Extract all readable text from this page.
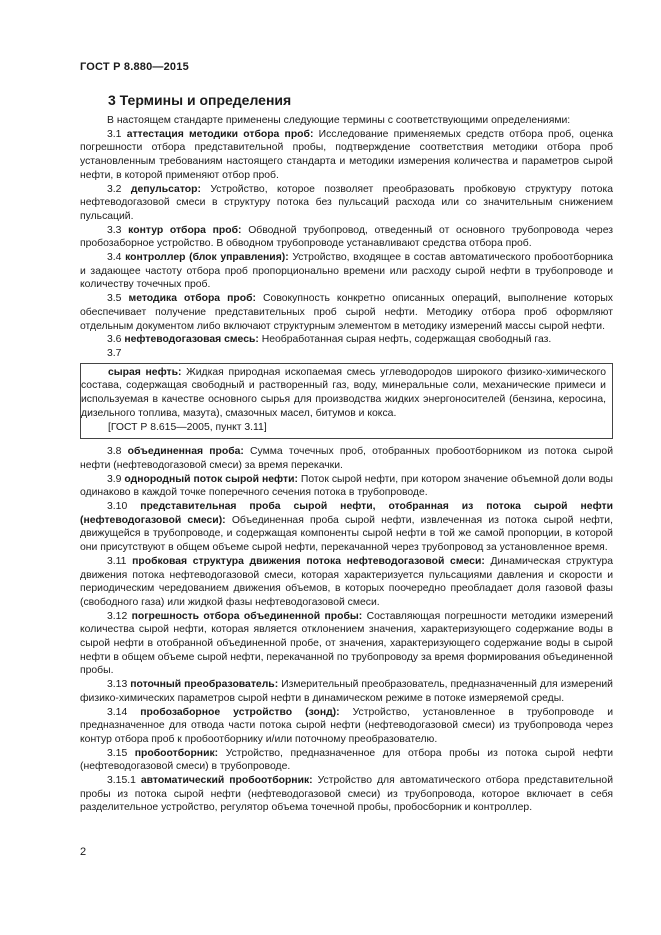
ГОСТ Р 8.880—2015
3 Термины и определения

В настоящем стандарте применены следующие термины с соответствующими определениями:

3.1 аттестация методики отбора проб: Исследование применяемых средств отбора проб, оценка погрешности отбора представительной пробы, подтверждение соответствия методики отбора проб установленным требованиям настоящего стандарта и методики измерения количества и параметров сырой нефти, в которой применяют отбор проб.

3.2 депульсатор: Устройство, которое позволяет преобразовать пробковую структуру потока нефтеводогазовой смеси в структуру потока без пульсаций расхода или со значительным снижением пульсаций.

3.3 контур отбора проб: Обводной трубопровод, отведенный от основного трубопровода через пробозаборное устройство. В обводном трубопроводе устанавливают средства отбора проб.

3.4 контроллер (блок управления): Устройство, входящее в состав автоматического пробоотборника и задающее частоту отбора проб пропорционально времени или расходу сырой нефти в трубопроводе и количеству точечных проб.

3.5 методика отбора проб: Совокупность конкретно описанных операций, выполнение которых обеспечивает получение представительных проб сырой нефти. Методику отбора проб оформляют отдельным документом либо включают структурным элементом в методику измерений массы сырой нефти.

3.6 нефтеводогазовая смесь: Необработанная сырая нефть, содержащая свободный газ.

3.7

сырая нефть: Жидкая природная ископаемая смесь углеводородов широкого физико-химического состава, содержащая свободный и растворенный газ, воду, минеральные соли, механические примеси и используемая в качестве основного сырья для производства жидких энергоносителей (бензина, керосина, дизельного топлива, мазута), смазочных масел, битумов и кокса.

[ГОСТ Р 8.615—2005, пункт 3.11]

3.8 объединенная проба: Сумма точечных проб, отобранных пробоотборником из потока сырой нефти (нефтеводогазовой смеси) за время перекачки.

3.9 однородный поток сырой нефти: Поток сырой нефти, при котором значение объемной доли воды одинаково в каждой точке поперечного сечения потока в трубопроводе.

3.10 представительная проба сырой нефти, отобранная из потока сырой нефти (нефтеводогазовой смеси): Объединенная проба сырой нефти, извлеченная из потока сырой нефти, движущейся в трубопроводе, и содержащая компоненты сырой нефти в той же самой пропорции, в которой они присутствуют в общем объеме сырой нефти, перекачанной через трубопровод за установленное время.

3.11 пробковая структура движения потока нефтеводогазовой смеси: Динамическая структура движения потока нефтеводогазовой смеси, которая характеризуется пульсациями давления и скорости и периодическим чередованием движения объемов, в которых поочередно преобладает доля газовой фазы (свободного газа) или жидкой фазы нефтеводогазовой смеси.

3.12 погрешность отбора объединенной пробы: Составляющая погрешности методики измерений количества сырой нефти, которая является отклонением значения, характеризующего содержание воды в сырой нефти в отобранной объединенной пробе, от значения, характеризующего содержание воды в сырой нефти в общем объеме сырой нефти, перекачанной по трубопроводу за время формирования объединенной пробы.

3.13 поточный преобразователь: Измерительный преобразователь, предназначенный для измерений физико-химических параметров сырой нефти в динамическом режиме в потоке измеряемой среды.

3.14 пробозаборное устройство (зонд): Устройство, установленное в трубопроводе и предназначенное для отвода части потока сырой нефти (нефтеводогазовой смеси) из трубопровода через контур отбора проб к пробоотборнику и/или поточному преобразователю.

3.15 пробоотборник: Устройство, предназначенное для отбора пробы из потока сырой нефти (нефтеводогазовой смеси) в трубопроводе.

3.15.1 автоматический пробоотборник: Устройство для автоматического отбора представительной пробы из потока сырой нефти (нефтеводогазовой смеси) из трубопровода, которое включает в себя разделительное устройство, регулятор объема точечной пробы, пробосборник и контроллер.

2
